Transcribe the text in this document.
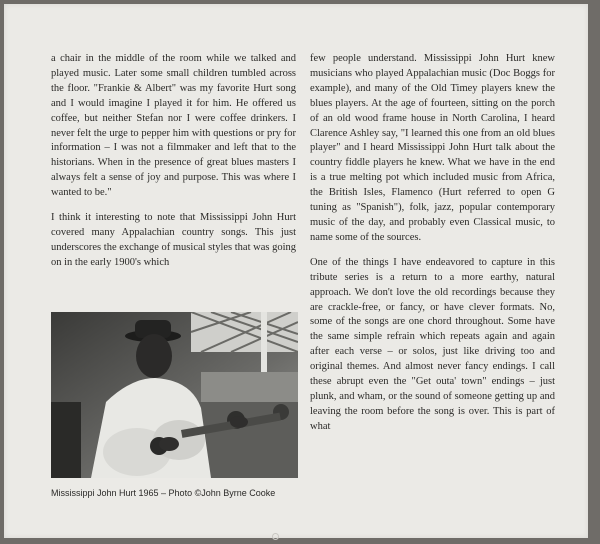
a chair in the middle of the room while we talked and played music. Later some small children tumbled across the floor. "Frankie & Albert" was my favorite Hurt song and I would imagine I played it for him. He offered us coffee, but neither Stefan nor I were coffee drinkers. I never felt the urge to pepper him with questions or pry for information – I was not a filmmaker and left that to the historians. When in the presence of great blues masters I always felt a sense of joy and purpose. This was where I wanted to be."

I think it interesting to note that Mississippi John Hurt covered many Appalachian country songs. This just underscores the exchange of musical styles that was going on in the early 1900's which

Mississippi John Hurt 1965 – Photo ©John Byrne Cooke

few people understand. Mississippi John Hurt knew musicians who played Appalachian music (Doc Boggs for example), and many of the Old Timey players knew the blues players. At the age of fourteen, sitting on the porch of an old wood frame house in North Carolina, I heard Clarence Ashley say, "I learned this one from an old blues player" and I heard Mississippi John Hurt talk about the country fiddle players he knew. What we have in the end is a true melting pot which included music from Africa, the British Isles, Flamenco (Hurt referred to open G tuning as "Spanish"), folk, jazz, popular contemporary music of the day, and probably even Classical music, to name some of the sources.

One of the things I have endeavored to capture in this tribute series is a return to a more earthy, natural approach. We don't love the old recordings because they are crackle-free, or fancy, or have clever formats. No, some of the songs are one chord throughout. Some have the same simple refrain which repeats again and again after each verse – or solos, just like driving too and original themes. And almost never fancy endings. I call these abrupt even the "Get outa' town" endings – just plunk, and wham, or the sound of someone getting up and leaving the room before the song is over. This is part of what
